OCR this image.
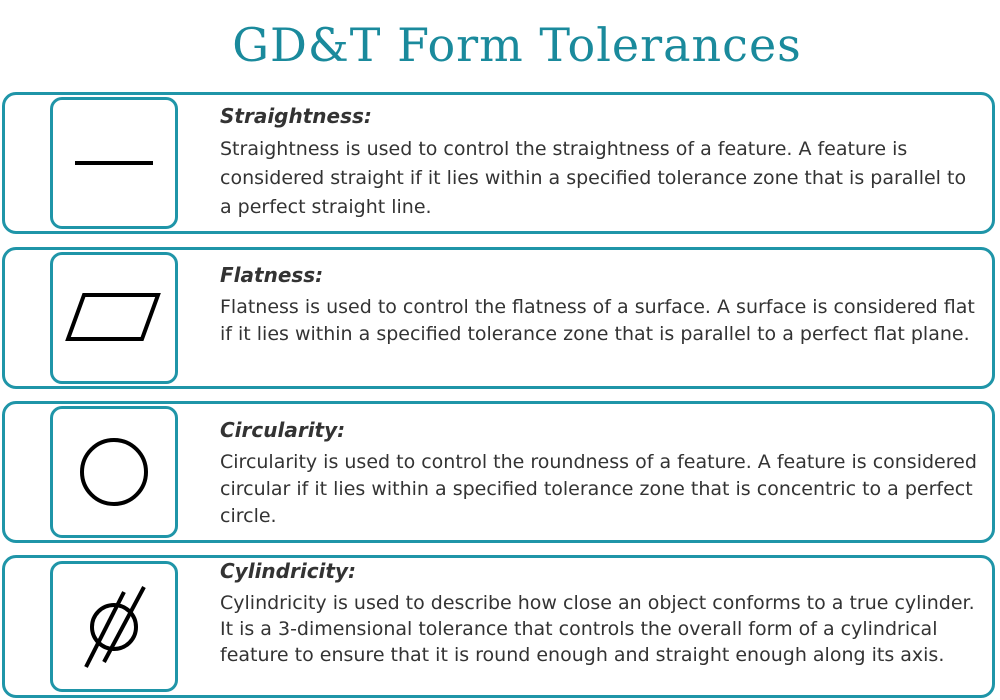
GD&T Form Tolerances

Straightness:

Straightness is used to control the straightness of a feature. A feature is considered straight if it lies within a specified tolerance zone that is parallel to a perfect straight line.

Flatness:

Flatness is used to control the flatness of a surface. A surface is considered flat if it lies within a specified tolerance zone that is parallel to a perfect flat plane.

Circularity:

Circularity is used to control the roundness of a feature. A feature is considered circular if it lies within a specified tolerance zone that is concentric to a perfect circle.

Cylindricity:

Cylindricity is used to describe how close an object conforms to a true cylinder. It is a 3-dimensional tolerance that controls the overall form of a cylindrical feature to ensure that it is round enough and straight enough along its axis.
